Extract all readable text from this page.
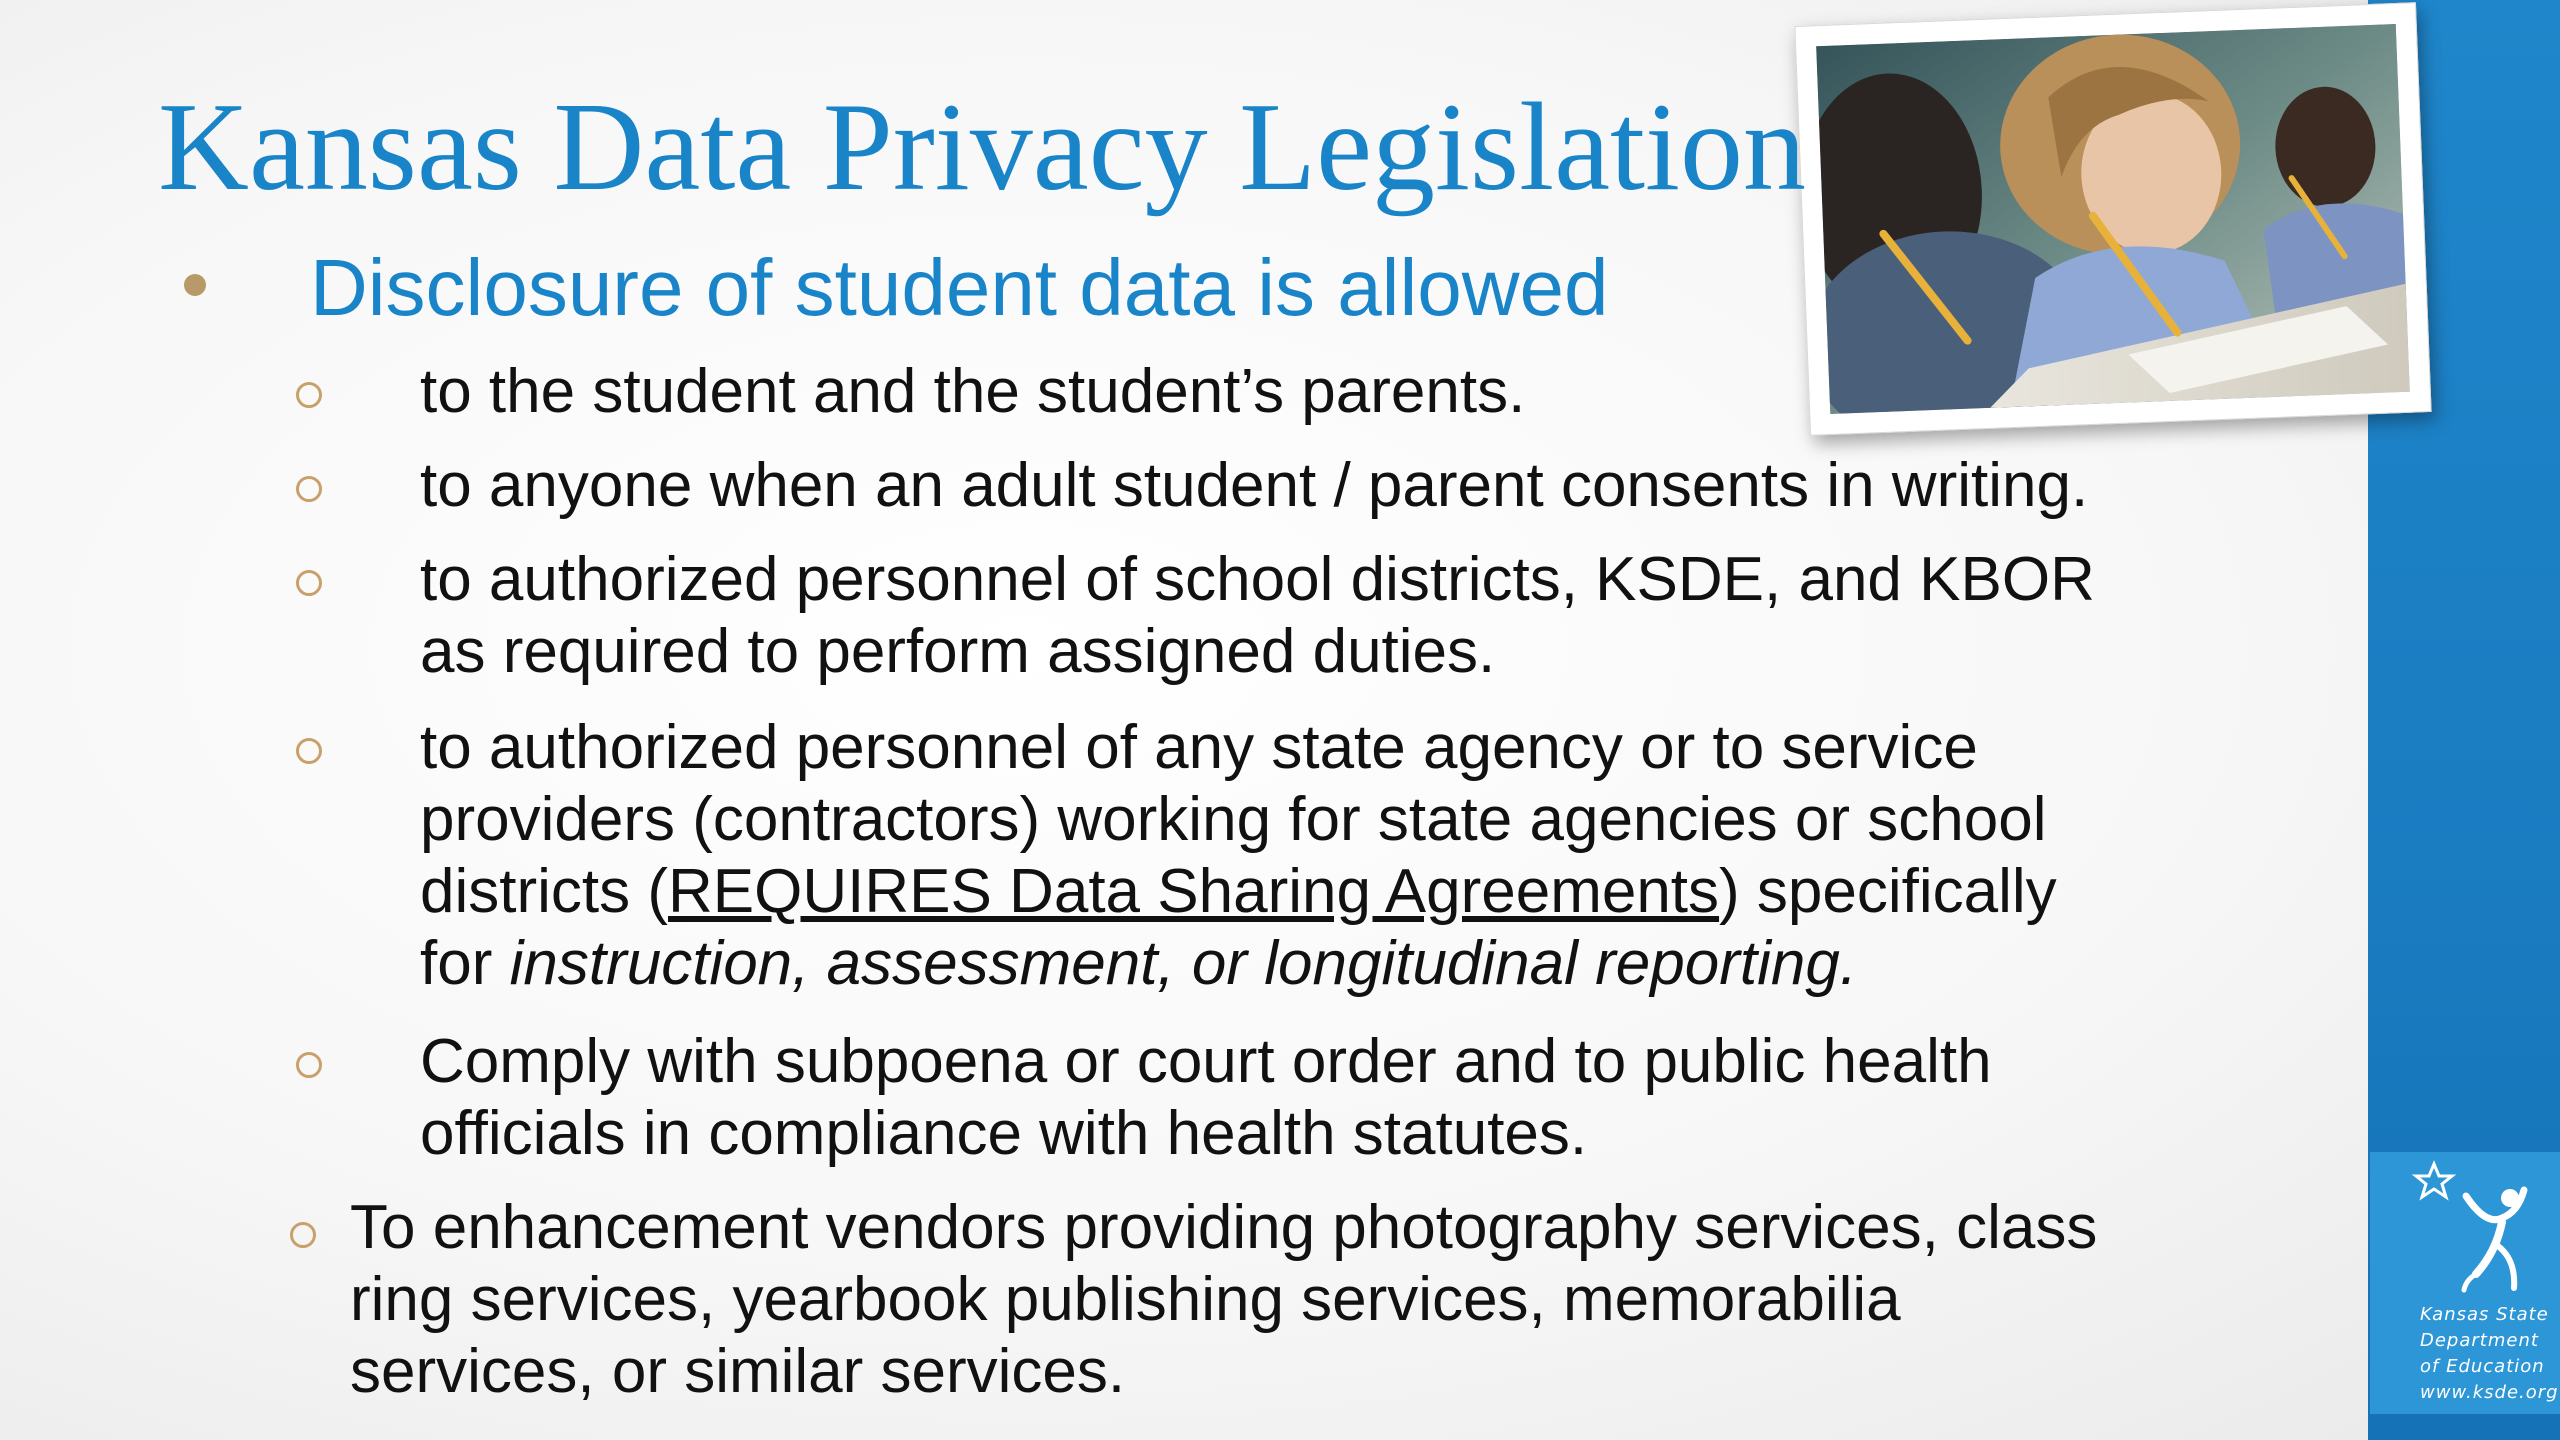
Kansas State
Department
of Education
www.ksde.org
Kansas Data Privacy Legislation
Disclosure of student data is allowed
to the student and the student’s parents.
to anyone when an adult student / parent consents in writing.
to authorized personnel of school districts, KSDE, and KBOR
as required to perform assigned duties.
to authorized personnel of any state agency or to service
providers (contractors) working for state agencies or school
districts (REQUIRES Data Sharing Agreements) specifically
for instruction, assessment, or longitudinal reporting.
Comply with subpoena or court order and to public health
officials in compliance with health statutes.
To enhancement vendors providing photography services, class
ring services, yearbook publishing services, memorabilia
services, or similar services.
